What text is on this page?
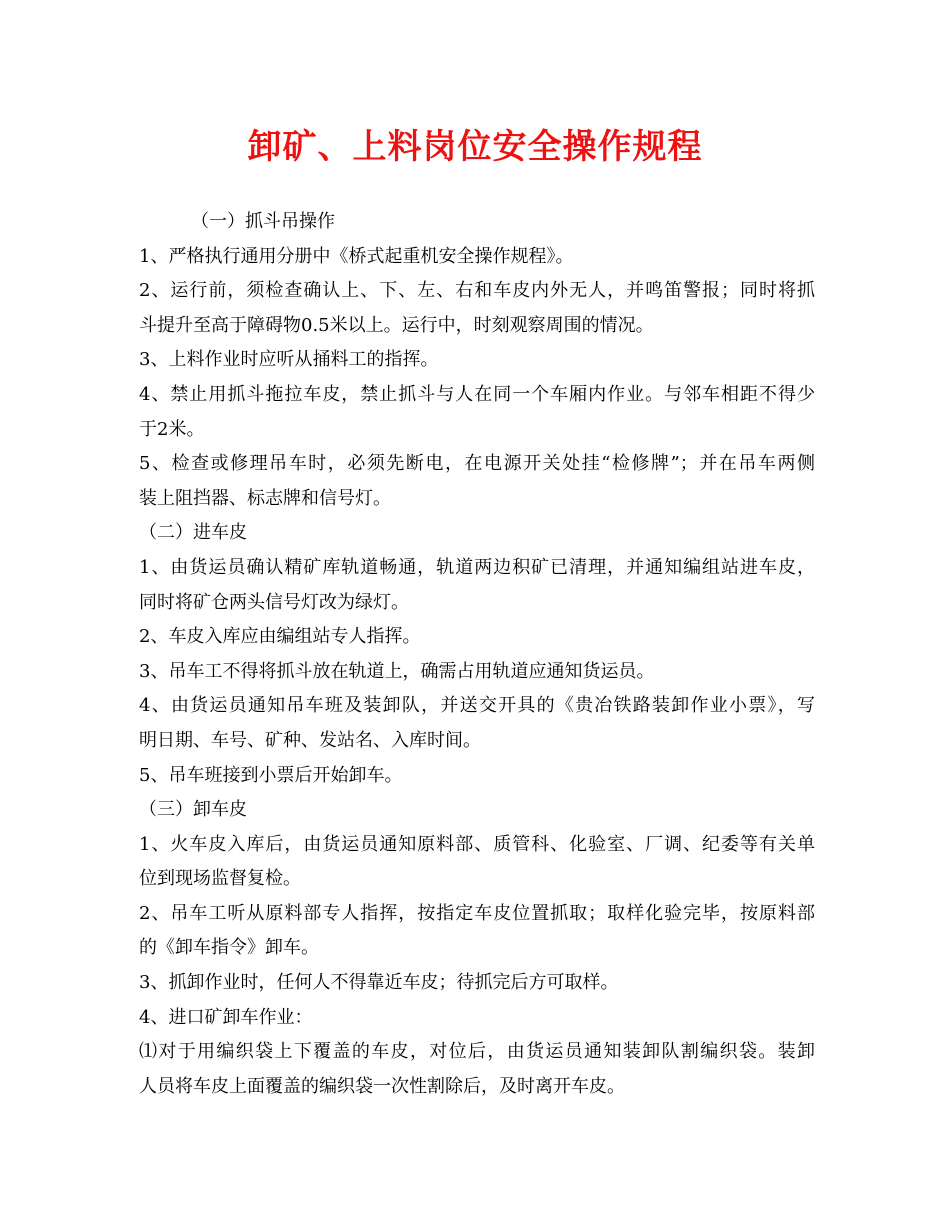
卸矿、上料岗位安全操作规程
（一）抓斗吊操作
1、严格执行通用分册中《桥式起重机安全操作规程》。
2、运行前，须检查确认上、下、左、右和车皮内外无人，并鸣笛警报；同时将抓
斗提升至高于障碍物0.5米以上。运行中，时刻观察周围的情况。
3、上料作业时应听从捅料工的指挥。
4、禁止用抓斗拖拉车皮，禁止抓斗与人在同一个车厢内作业。与邻车相距不得少
于2米。
5、检查或修理吊车时，必须先断电，在电源开关处挂“检修牌”；并在吊车两侧
装上阻挡器、标志牌和信号灯。
（二）进车皮
1、由货运员确认精矿库轨道畅通，轨道两边积矿已清理，并通知编组站进车皮，
同时将矿仓两头信号灯改为绿灯。
2、车皮入库应由编组站专人指挥。
3、吊车工不得将抓斗放在轨道上，确需占用轨道应通知货运员。
4、由货运员通知吊车班及装卸队，并送交开具的《贵冶铁路装卸作业小票》，写
明日期、车号、矿种、发站名、入库时间。
5、吊车班接到小票后开始卸车。
（三）卸车皮
1、火车皮入库后，由货运员通知原料部、质管科、化验室、厂调、纪委等有关单
位到现场监督复检。
2、吊车工听从原料部专人指挥，按指定车皮位置抓取；取样化验完毕，按原料部
的《卸车指令》卸车。
3、抓卸作业时，任何人不得靠近车皮；待抓完后方可取样。
4、进口矿卸车作业：
⑴对于用编织袋上下覆盖的车皮，对位后，由货运员通知装卸队割编织袋。装卸
人员将车皮上面覆盖的编织袋一次性割除后，及时离开车皮。
